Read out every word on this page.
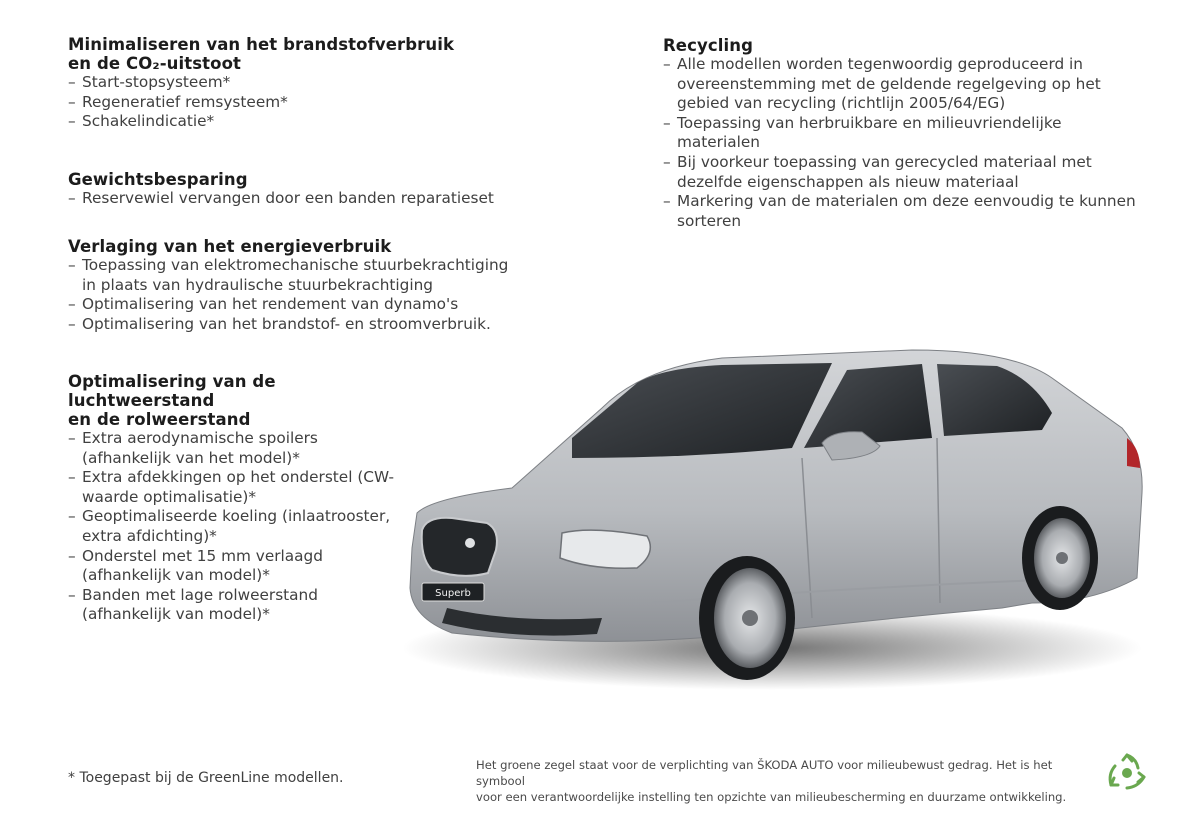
Minimaliseren van het brandstofverbruik
en de CO₂-uitstoot
– Start-stopsysteem*
– Regeneratief remsysteem*
– Schakelindicatie*
Gewichtsbesparing
– Reservewiel vervangen door een banden reparatieset
Verlaging van het energieverbruik
– Toepassing van elektromechanische stuurbekrachtiging in plaats van hydraulische stuurbekrachtiging
– Optimalisering van het rendement van dynamo's
– Optimalisering van het brandstof- en stroomverbruik.
Optimalisering van de luchtweerstand
en de rolweerstand
– Extra aerodynamische spoilers (afhankelijk van het model)*
– Extra afdekkingen op het onderstel (CW-waarde optimalisatie)*
– Geoptimaliseerde koeling (inlaatrooster, extra afdichting)*
– Onderstel met 15 mm verlaagd (afhankelijk van model)*
– Banden met lage rolweerstand (afhankelijk van model)*
Recycling
– Alle modellen worden tegenwoordig geproduceerd in overeenstemming met de geldende regelgeving op het gebied van recycling (richtlijn 2005/64/EG)
– Toepassing van herbruikbare en milieuvriendelijke materialen
– Bij voorkeur toepassing van gerecycled materiaal met dezelfde eigenschappen als nieuw materiaal
– Markering van de materialen om deze eenvoudig te kunnen sorteren
Superb
* Toegepast bij de GreenLine modellen.
Het groene zegel staat voor de verplichting van ŠKODA AUTO voor milieubewust gedrag. Het is het symbool
voor een verantwoordelijke instelling ten opzichte van milieubescherming en duurzame ontwikkeling.
